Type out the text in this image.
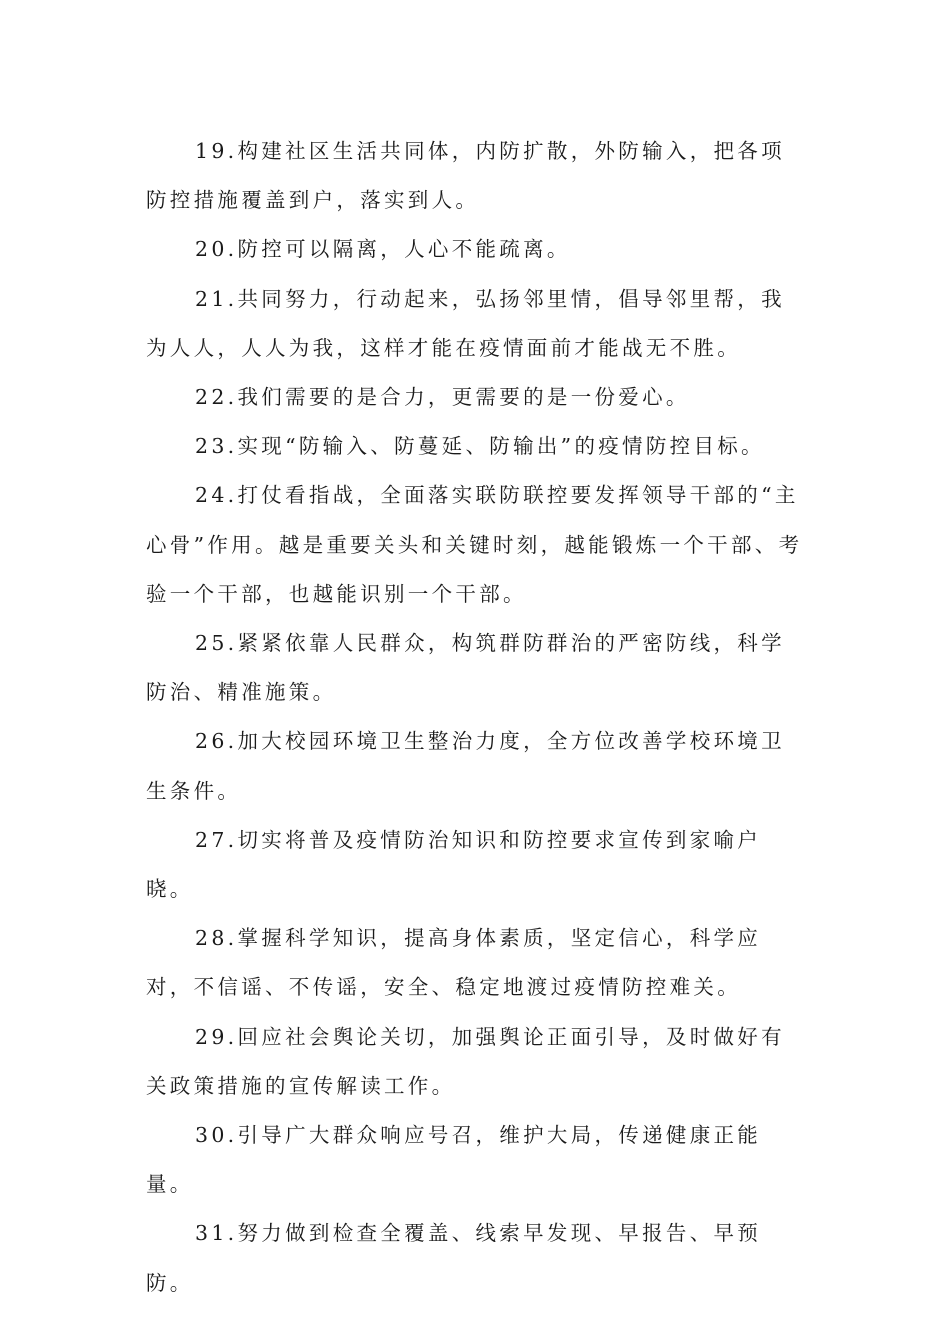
19.构建社区生活共同体，内防扩散，外防输入，把各项防控措施覆盖到户，落实到人。

20.防控可以隔离，人心不能疏离。

21.共同努力，行动起来，弘扬邻里情，倡导邻里帮，我为人人，人人为我，这样才能在疫情面前才能战无不胜。

22.我们需要的是合力，更需要的是一份爱心。

23.实现“防输入、防蔓延、防输出”的疫情防控目标。

24.打仗看指战，全面落实联防联控要发挥领导干部的“主心骨”作用。越是重要关头和关键时刻，越能锻炼一个干部、考验一个干部，也越能识别一个干部。

25.紧紧依靠人民群众，构筑群防群治的严密防线，科学防治、精准施策。

26.加大校园环境卫生整治力度，全方位改善学校环境卫生条件。

27.切实将普及疫情防治知识和防控要求宣传到家喻户晓。

28.掌握科学知识，提高身体素质，坚定信心，科学应对，不信谣、不传谣，安全、稳定地渡过疫情防控难关。

29.回应社会舆论关切，加强舆论正面引导，及时做好有关政策措施的宣传解读工作。

30.引导广大群众响应号召，维护大局，传递健康正能量。

31.努力做到检查全覆盖、线索早发现、早报告、早预防。
